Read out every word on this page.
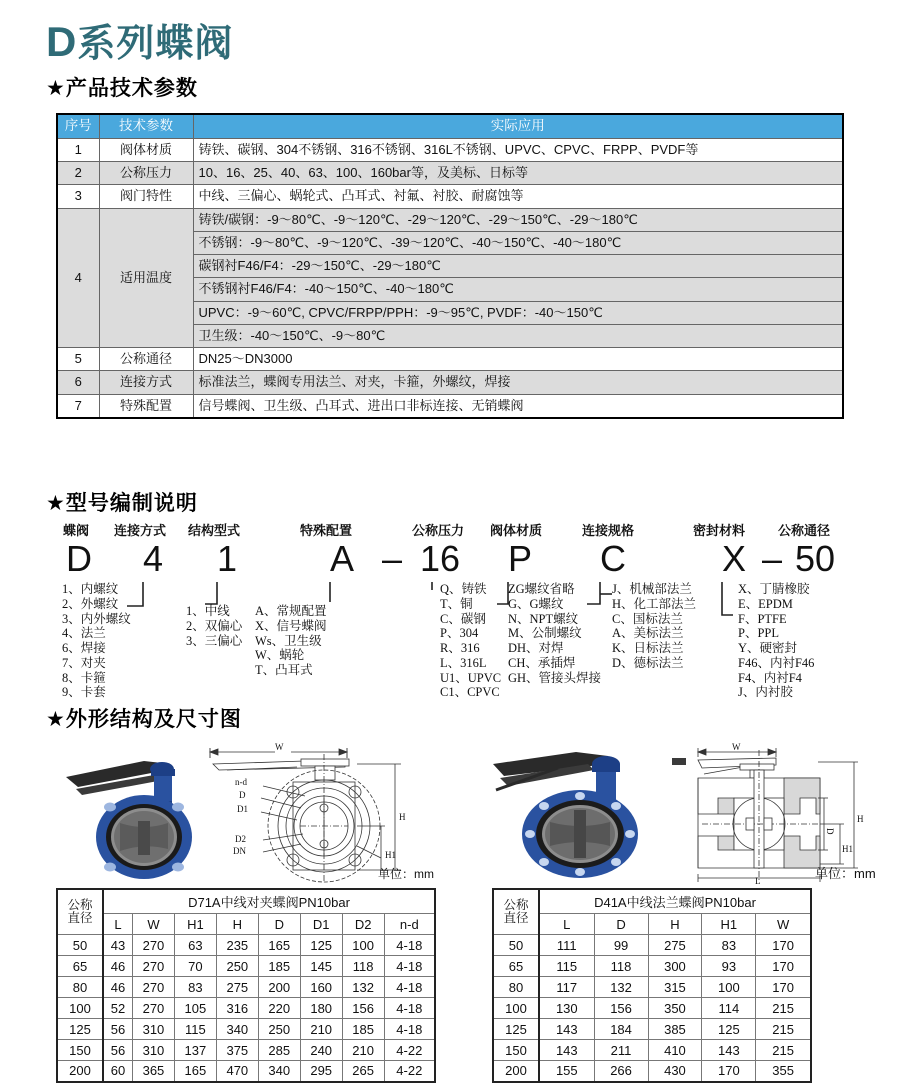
D系列蝶阀
★产品技术参数
序号	技术参数	实际应用
1	阀体材质	铸铁、碳钢、304不锈钢、316不锈钢、316L不锈钢、UPVC、CPVC、FRPP、PVDF等
2	公称压力	10、16、25、40、63、100、160bar等，及美标、日标等
3	阀门特性	中线、三偏心、蜗轮式、凸耳式、衬氟、衬胶、耐腐蚀等
4	适用温度	铸铁/碳钢：-9～80℃、-9～120℃、-29～120℃、-29～150℃、-29～180℃
		不锈钢：-9～80℃、-9～120℃、-39～120℃、-40～150℃、-40～180℃
		碳钢衬F46/F4：-29～150℃、-29～180℃
		不锈钢衬F46/F4：-40～150℃、-40～180℃
		UPVC：-9～60℃, CPVC/FRPP/PPH：-9～95℃, PVDF：-40～150℃
		卫生级：-40～150℃、-9～80℃
5	公称通径	DN25～DN3000
6	连接方式	标准法兰，蝶阀专用法兰、对夹，卡箍，外螺纹，焊接
7	特殊配置	信号蝶阀、卫生级、凸耳式、进出口非标连接、无销蝶阀
★型号编制说明
蝶阀 连接方式 结构型式	特殊配置	公称压力 阀体材质	连接规格	密封材料	公称通径
D 4 1	A – 16 P C	X – 50
1、内螺纹
2、外螺纹
3、内外螺纹
4、法兰
6、焊接
7、对夹
8、卡箍
9、卡套
1、中线
2、双偏心
3、三偏心
A、常规配置
X、信号蝶阀
Ws、卫生级
W、蜗轮
T、凸耳式
Q、铸铁
T、铜
C、碳钢
P、304
R、316
L、316L
U1、UPVC
C1、CPVC
ZG螺纹省略
G、G螺纹
N、NPT螺纹
M、公制螺纹
DH、对焊
CH、承插焊
GH、管接头焊接
J、机械部法兰
H、化工部法兰
C、国标法兰
A、美标法兰
K、日标法兰
D、德标法兰
X、丁腈橡胶
E、EPDM
F、PTFE
P、PPL
Y、硬密封
F46、内衬F46
F4、内衬F4
J、内衬胶
★外形结构及尺寸图
W
n-d
D
D1
D2
DN
H
H1
单位：mm
W
H
D
H1
L	单位：mm
公称
直径	D71A中线对夹蝶阀PN10bar							
	L	W	H1	H	D	D1	D2	n-d
50	43	270	63	235	165	125	100	4-18
65	46	270	70	250	185	145	118	4-18
80	46	270	83	275	200	160	132	4-18
100	52	270	105	316	220	180	156	4-18
125	56	310	115	340	250	210	185	4-18
150	56	310	137	375	285	240	210	4-22
200	60	365	165	470	340	295	265	4-22
公称
直径	D41A中线法兰蝶阀PN10bar				
	L	D	H	H1	W
50	111	99	275	83	170
65	115	118	300	93	170
80	117	132	315	100	170
100	130	156	350	114	215
125	143	184	385	125	215
150	143	211	410	143	215
200	155	266	430	170	355
